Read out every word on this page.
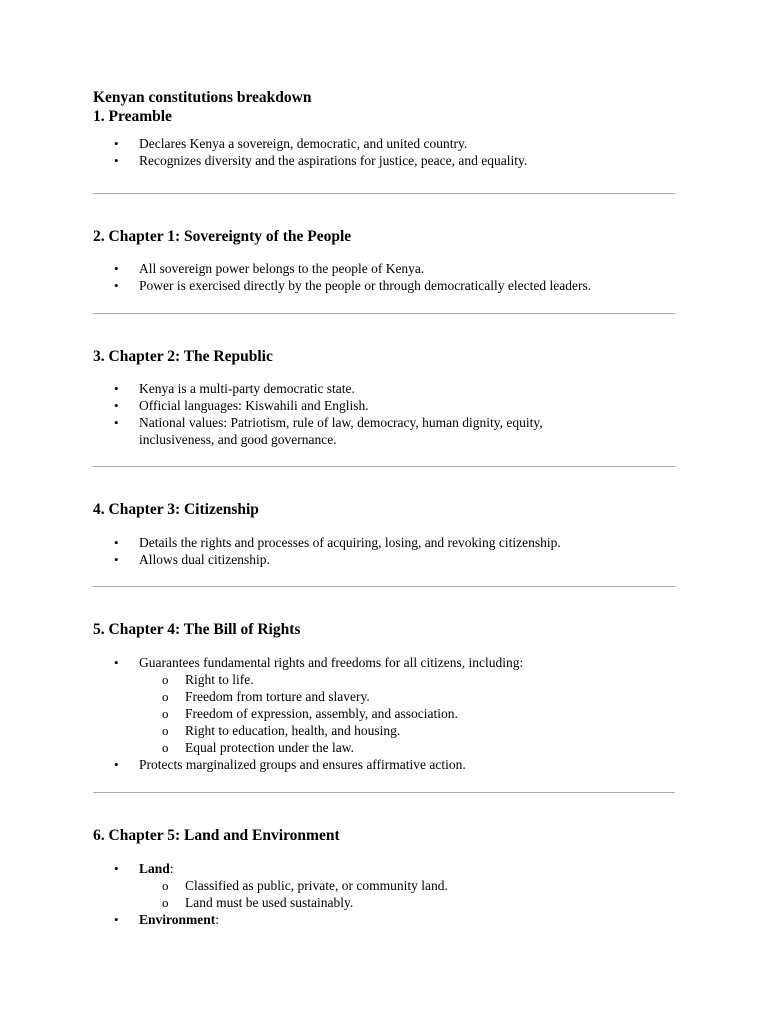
Kenyan constitutions breakdown
1. Preamble
• Declares Kenya a sovereign, democratic, and united country.
• Recognizes diversity and the aspirations for justice, peace, and equality.
2. Chapter 1: Sovereignty of the People
• All sovereign power belongs to the people of Kenya.
• Power is exercised directly by the people or through democratically elected leaders.
3. Chapter 2: The Republic
• Kenya is a multi-party democratic state.
• Official languages: Kiswahili and English.
• National values: Patriotism, rule of law, democracy, human dignity, equity, inclusiveness, and good governance.
4. Chapter 3: Citizenship
• Details the rights and processes of acquiring, losing, and revoking citizenship.
• Allows dual citizenship.
5. Chapter 4: The Bill of Rights
• Guarantees fundamental rights and freedoms for all citizens, including:
o Right to life.
o Freedom from torture and slavery.
o Freedom of expression, assembly, and association.
o Right to education, health, and housing.
o Equal protection under the law.
• Protects marginalized groups and ensures affirmative action.
6. Chapter 5: Land and Environment
• Land:
o Classified as public, private, or community land.
o Land must be used sustainably.
• Environment:
